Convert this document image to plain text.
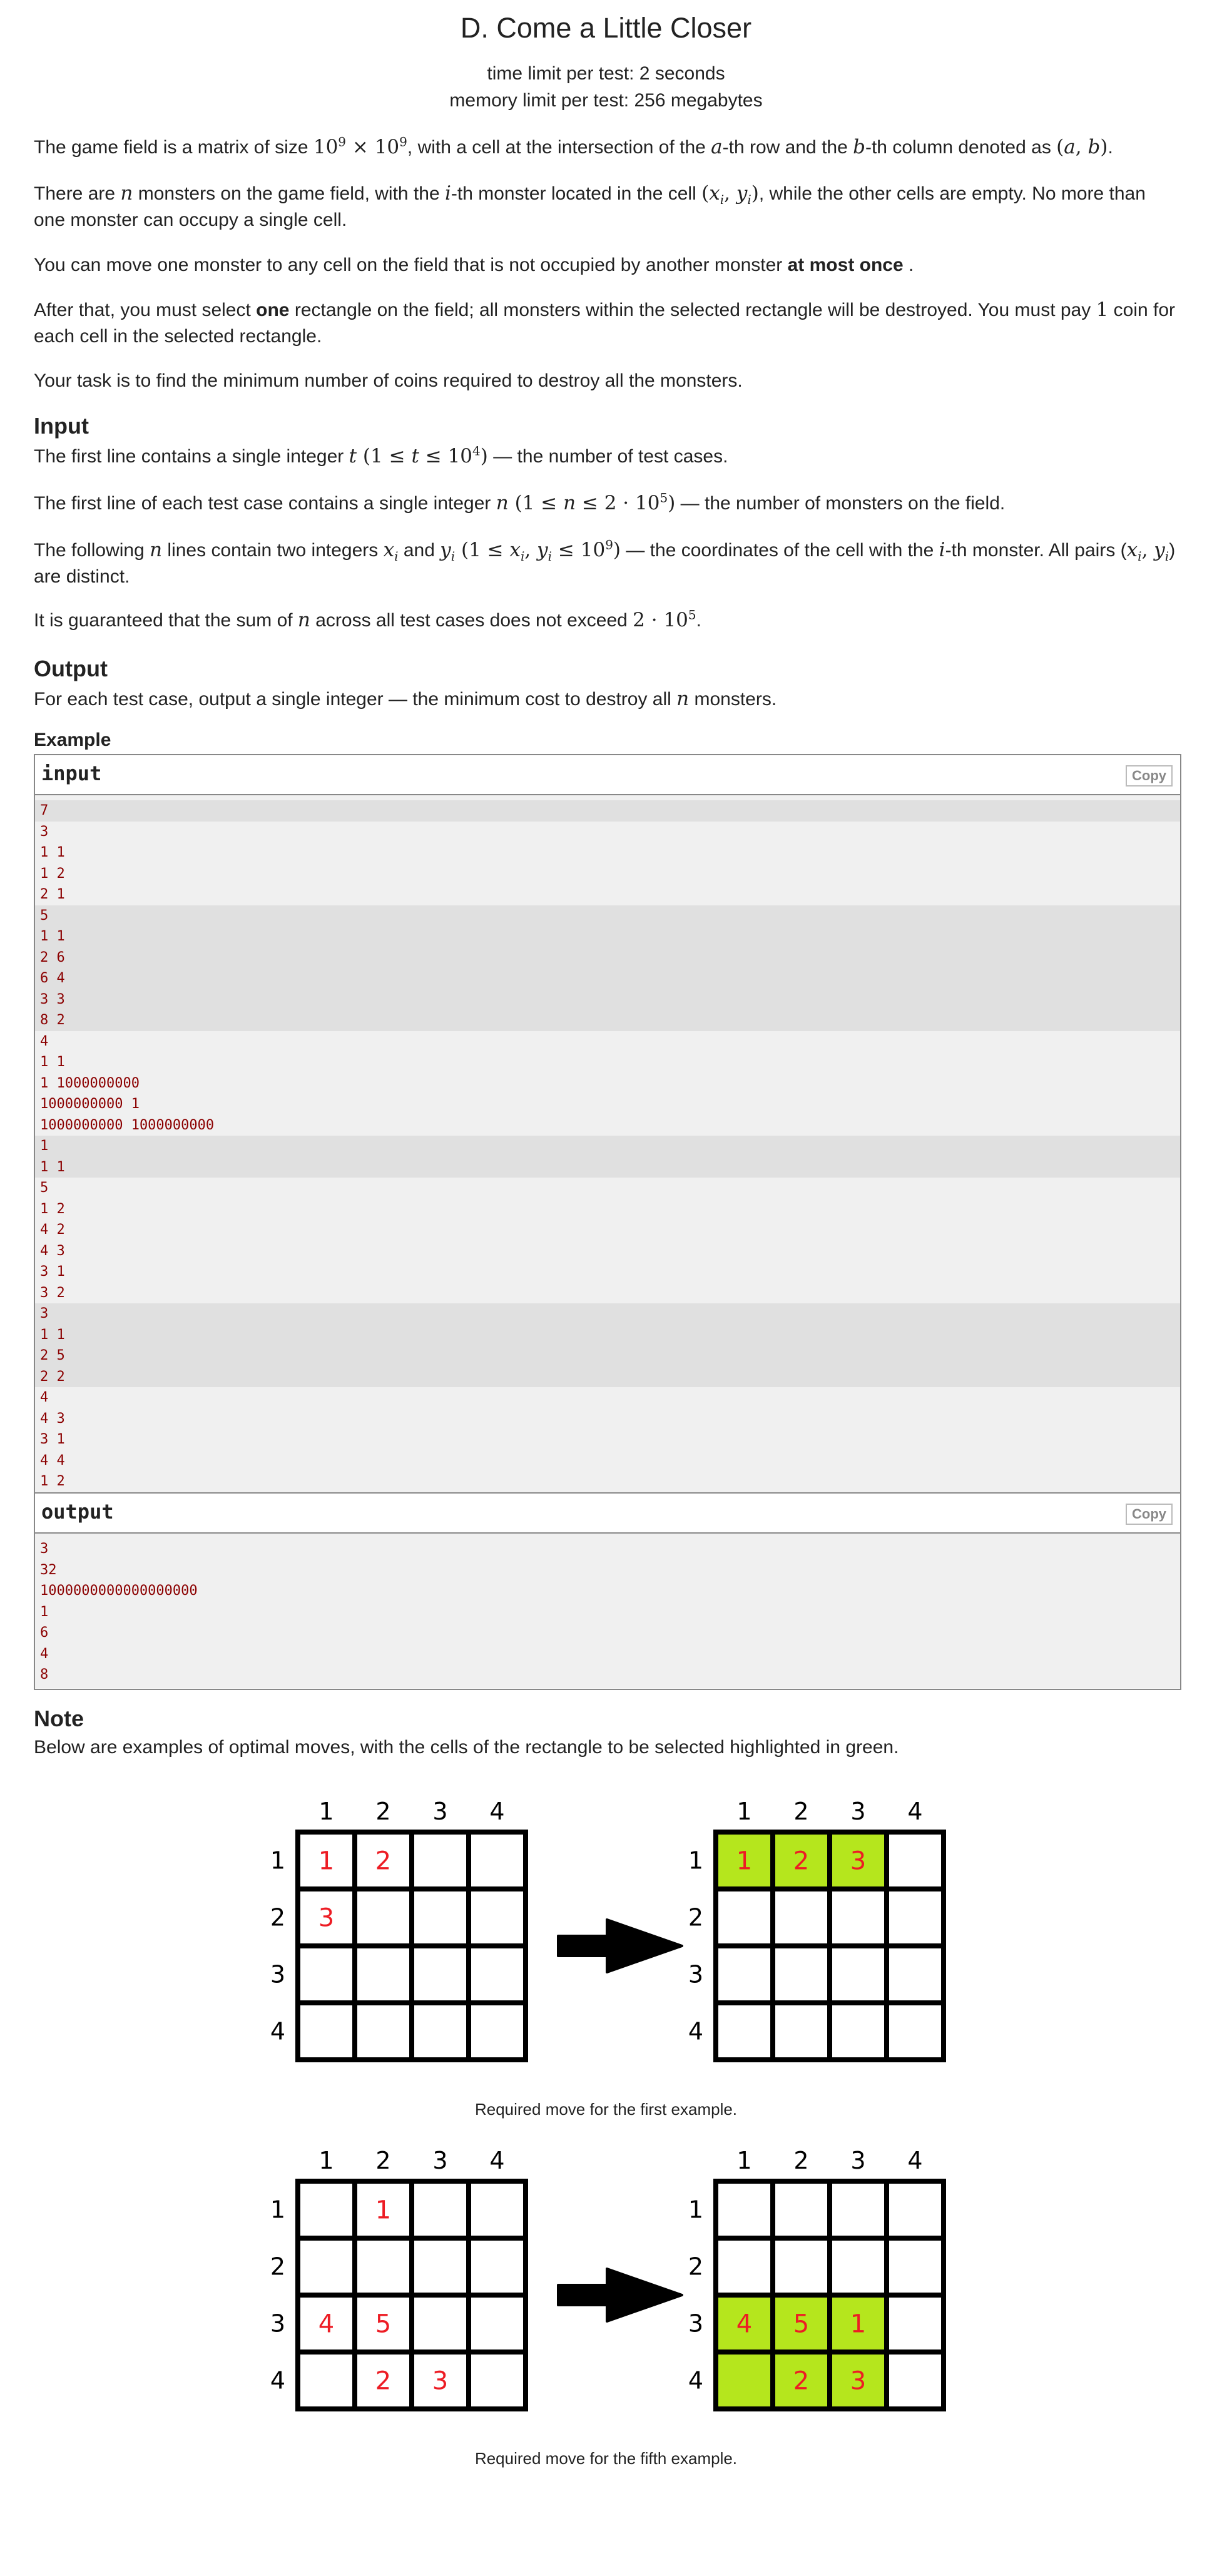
D. Come a Little Closer
time limit per test: 2 seconds
memory limit per test: 256 megabytes
The game field is a matrix of size $10^9 \times 10^9$, with a cell at the intersection of the a-th row and the b-th column denoted as (a, b).
There are n monsters on the game field, with the i-th monster located in the cell ($x_i$, $y_i$), while the other cells are empty. No more than one monster can occupy a single cell.
You can move one monster to any cell on the field that is not occupied by another monster at most once .
After that, you must select one rectangle on the field; all monsters within the selected rectangle will be destroyed. You must pay 1 coin for each cell in the selected rectangle.
Your task is to find the minimum number of coins required to destroy all the monsters.
Input
The first line contains a single integer t $(1 \le t \le 10^4)$ — the number of test cases.
The first line of each test case contains a single integer n $(1 \le n \le 2 \cdot 10^5)$ — the number of monsters on the field.
The following n lines contain two integers $x_i$ and $y_i$ ($1 \le x_i$, $y_i \le 10^9$) — the coordinates of the cell with the i-th monster. All pairs ($x_i$, $y_i$) are distinct.
It is guaranteed that the sum of n across all test cases does not exceed $2 \cdot 10^5$.
Output
For each test case, output a single integer — the minimum cost to destroy all n monsters.
Example
input	Copy
7
3
1 1
1 2
2 1
5
1 1
2 6
6 4
3 3
8 2
4
1 1
1 1000000000
1000000000 1
1000000000 1000000000
1
1 1
5
1 2
4 2
4 3
3 1
3 2
3
1 1
2 5
2 2
4
4 3
3 1
4 4
1 2
output	Copy
3
32
1000000000000000000
1
6
4
8
Note
Below are examples of optimal moves, with the cells of the rectangle to be selected highlighted in green.
1 2 3 4
1
2
3
4
1 2
3
1 2 3 4
1
2
3
4
1 2 3
Required move for the first example.
1 2 3 4
1
2
3
4
1
4 5
2 3
1 2 3 4
1
2
3
4
4 5 1
2 3
Required move for the fifth example.
